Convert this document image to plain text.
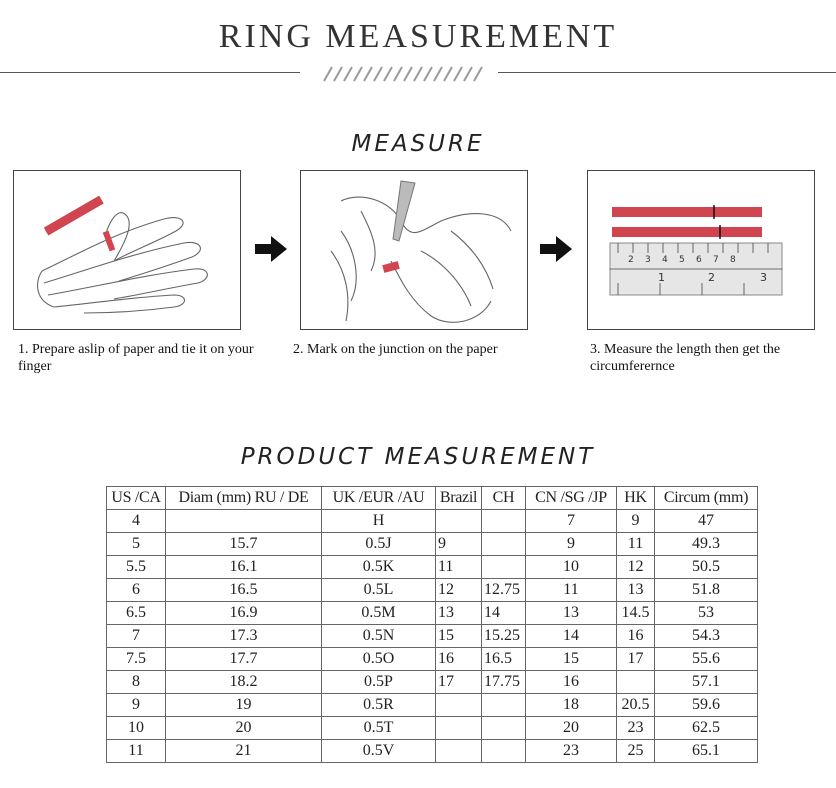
RING MEASUREMENT
MEASURE
2 3 4 5 6 7 8
1	2	3
1. Prepare aslip of paper and tie it on your finger
2. Mark on the junction on the paper	3. Measure the length then get the circumferernce
PRODUCT MEASUREMENT
US /CA	Diam (mm) RU / DE	UK /EUR /AU	Brazil	CH	CN /SG /JP	HK	Circum (mm)
4		H			7	9	47
5	15.7	0.5J	9		9	11	49.3
5.5	16.1	0.5K	11		10	12	50.5
6	16.5	0.5L	12	12.75	11	13	51.8
6.5	16.9	0.5M	13	14	13	14.5	53
7	17.3	0.5N	15	15.25	14	16	54.3
7.5	17.7	0.5O	16	16.5	15	17	55.6
8	18.2	0.5P	17	17.75	16		57.1
9	19	0.5R			18	20.5	59.6
10	20	0.5T			20	23	62.5
11	21	0.5V			23	25	65.1
